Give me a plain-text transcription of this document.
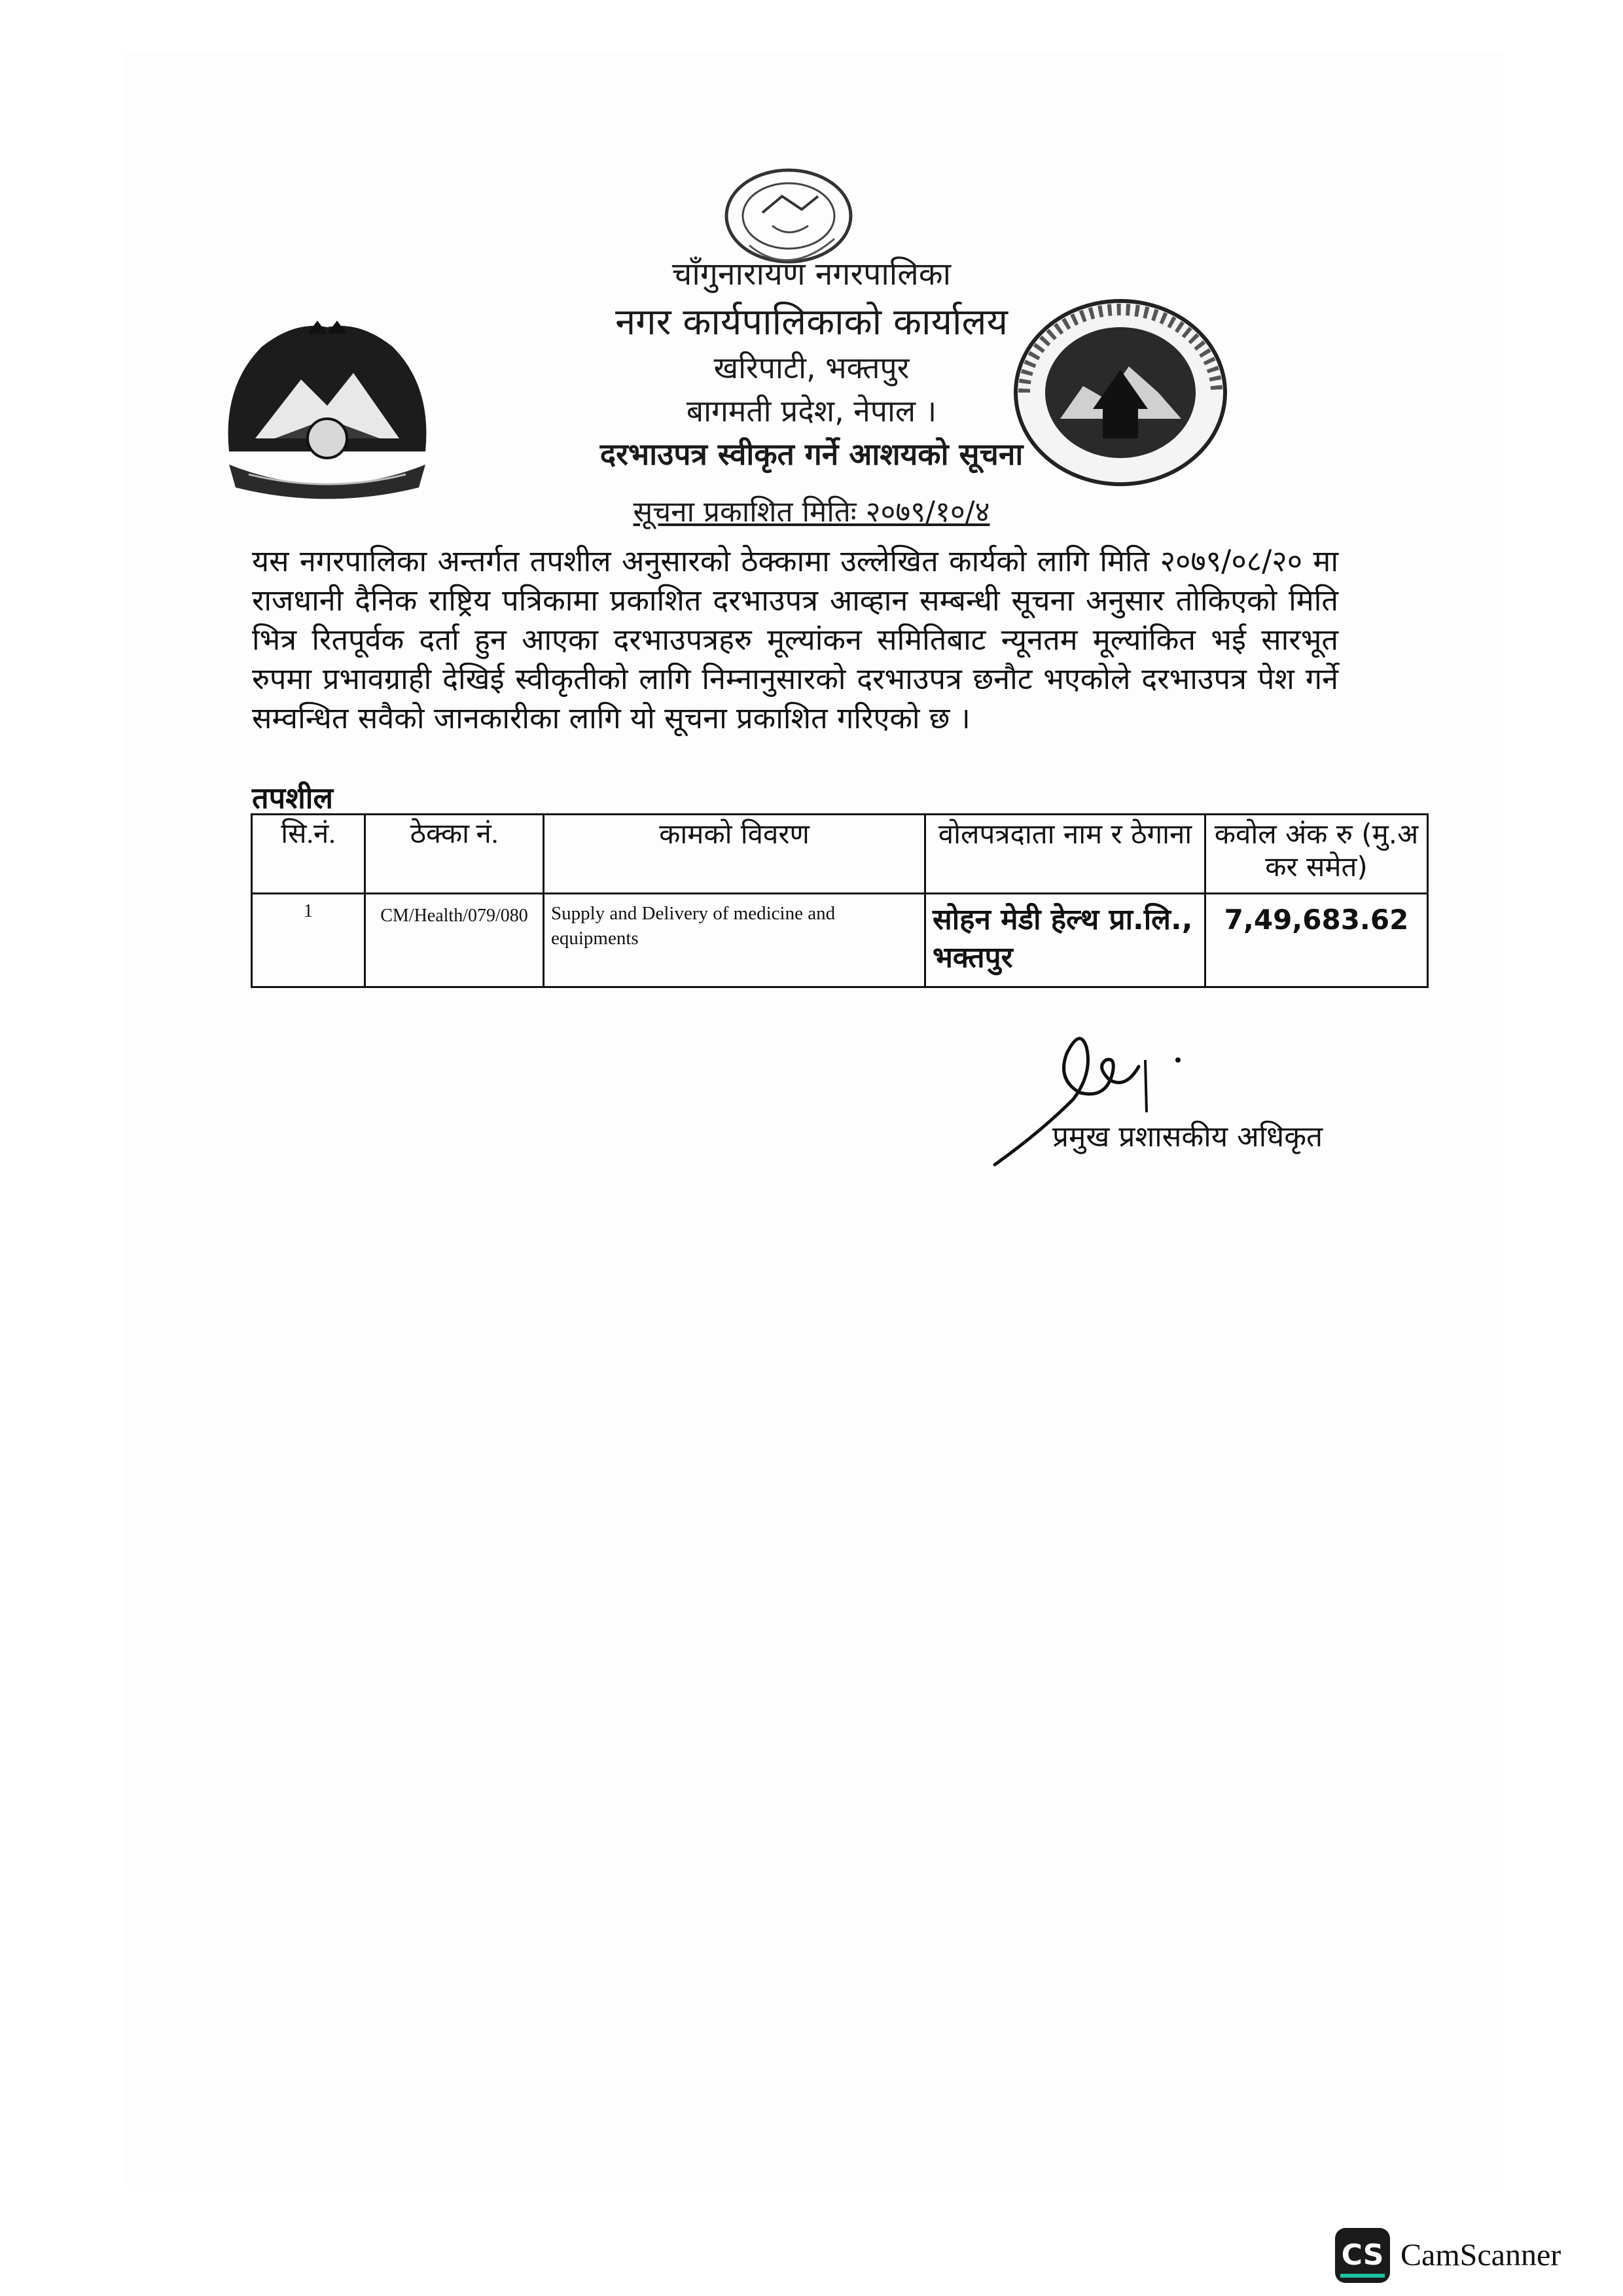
चाँगुनारायण नगरपालिका
नगर कार्यपालिकाको कार्यालय
खरिपाटी, भक्तपुर
बागमती प्रदेश, नेपाल ।
दरभाउपत्र स्वीकृत गर्ने आशयको सूचना
सूचना प्रकाशित मितिः २०७९/१०/४
यस नगरपालिका अन्तर्गत तपशील अनुसारको ठेक्कामा उल्लेखित कार्यको लागि मिति २०७९/०८/२० मा राजधानी दैनिक राष्ट्रिय पत्रिकामा प्रकाशित दरभाउपत्र आव्हान सम्बन्धी सूचना अनुसार तोकिएको मिति भित्र रितपूर्वक दर्ता हुन आएका दरभाउपत्रहरु मूल्यांकन समितिबाट न्यूनतम मूल्यांकित भई सारभूत रुपमा प्रभावग्राही देखिई स्वीकृतीको लागि निम्नानुसारको दरभाउपत्र छनौट भएकोले दरभाउपत्र पेश गर्ने सम्वन्धित सवैको जानकारीका लागि यो सूचना प्रकाशित गरिएको छ ।
तपशील
सि.नं.	ठेक्का नं.	कामको विवरण	वोलपत्रदाता नाम र ठेगाना	कवोल अंक रु (मु.अ कर समेत)
1	CM/Health/079/080	Supply and Delivery of medicine and equipments	सोहन मेडी हेल्थ प्रा.लि., भक्तपुर	7,49,683.62
प्रमुख प्रशासकीय अधिकृत
CS CamScanner
